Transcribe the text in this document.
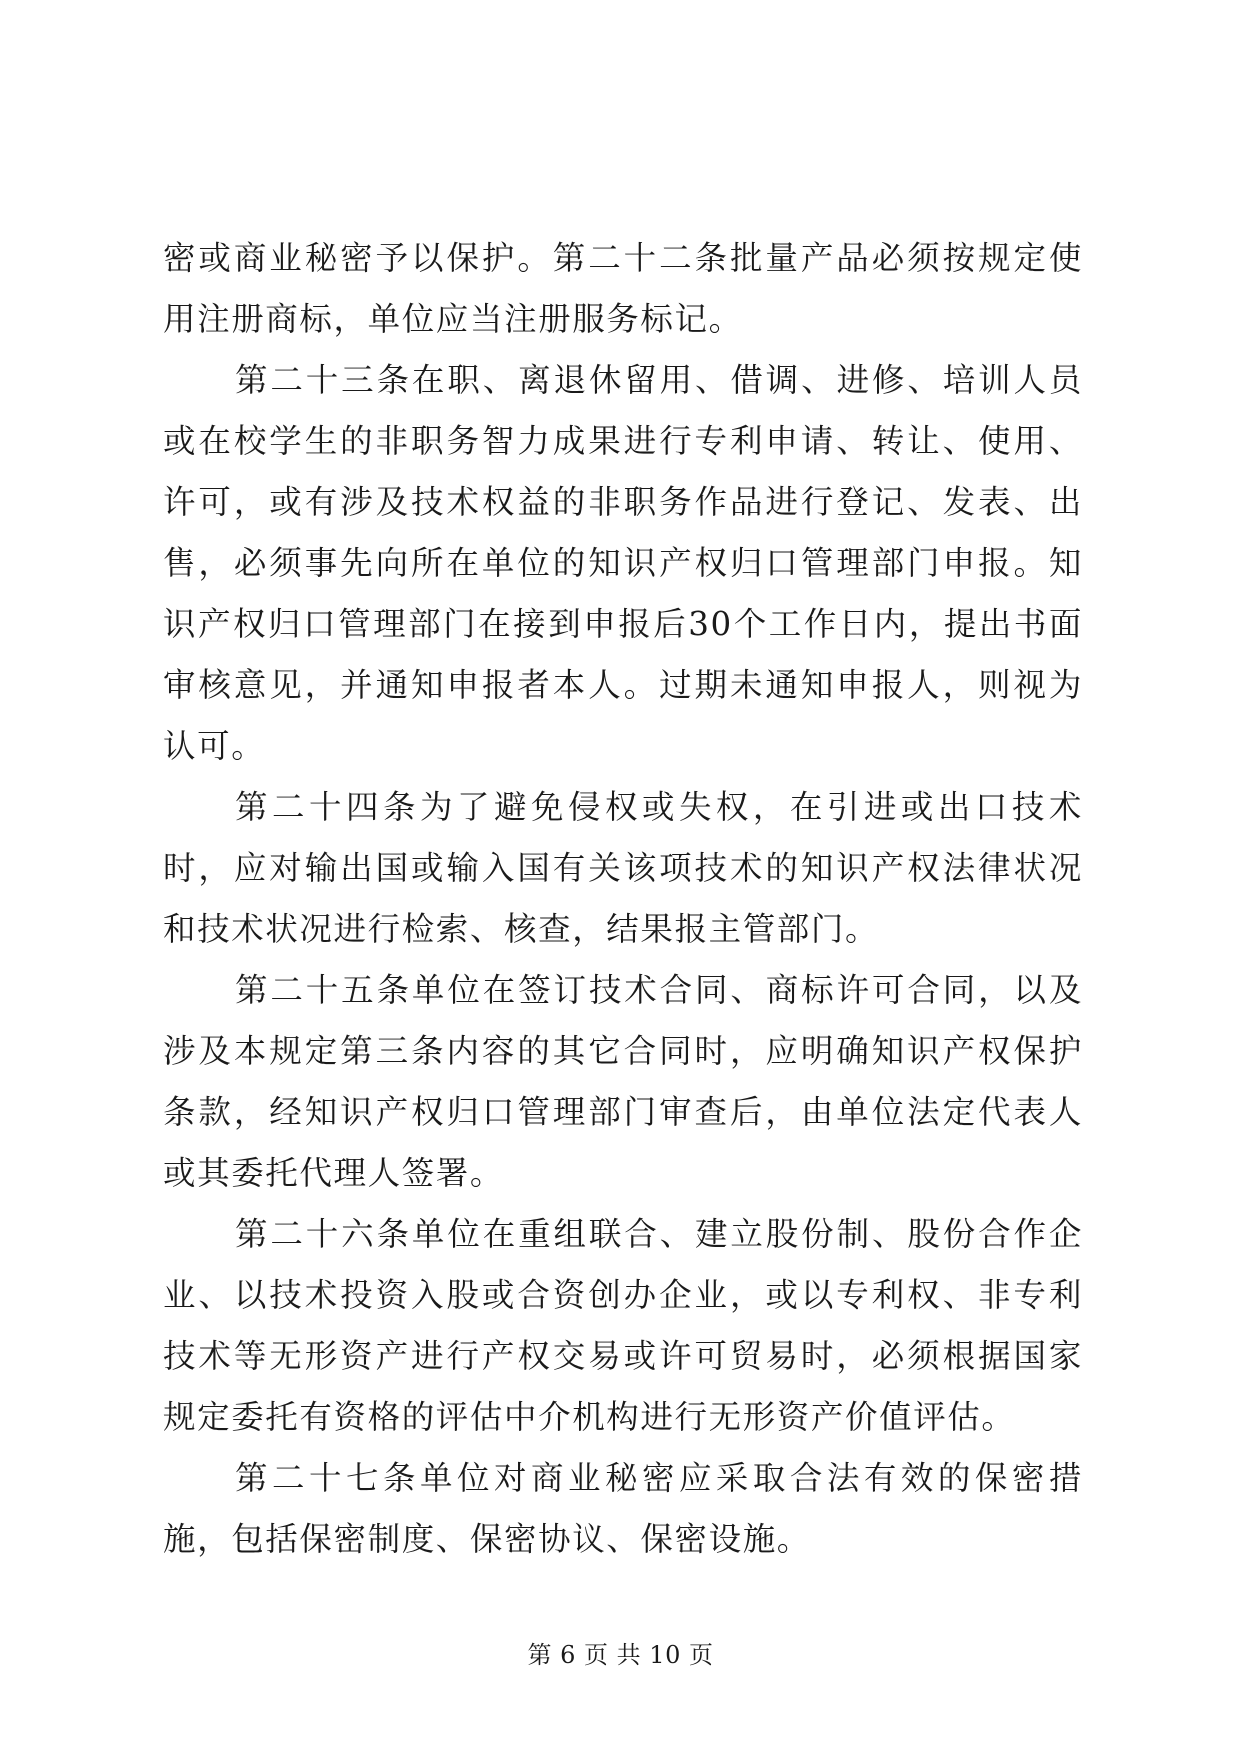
密或商业秘密予以保护。第二十二条批量产品必须按规定使用注册商标，单位应当注册服务标记。

第二十三条在职、离退休留用、借调、进修、培训人员或在校学生的非职务智力成果进行专利申请、转让、使用、许可，或有涉及技术权益的非职务作品进行登记、发表、出售，必须事先向所在单位的知识产权归口管理部门申报。知识产权归口管理部门在接到申报后30个工作日内，提出书面审核意见，并通知申报者本人。过期未通知申报人，则视为认可。

第二十四条为了避免侵权或失权，在引进或出口技术时，应对输出国或输入国有关该项技术的知识产权法律状况和技术状况进行检索、核查，结果报主管部门。

第二十五条单位在签订技术合同、商标许可合同，以及涉及本规定第三条内容的其它合同时，应明确知识产权保护条款，经知识产权归口管理部门审查后，由单位法定代表人或其委托代理人签署。

第二十六条单位在重组联合、建立股份制、股份合作企业、以技术投资入股或合资创办企业，或以专利权、非专利技术等无形资产进行产权交易或许可贸易时，必须根据国家规定委托有资格的评估中介机构进行无形资产价值评估。

第二十七条单位对商业秘密应采取合法有效的保密措施，包括保密制度、保密协议、保密设施。

第 6 页 共 10 页
